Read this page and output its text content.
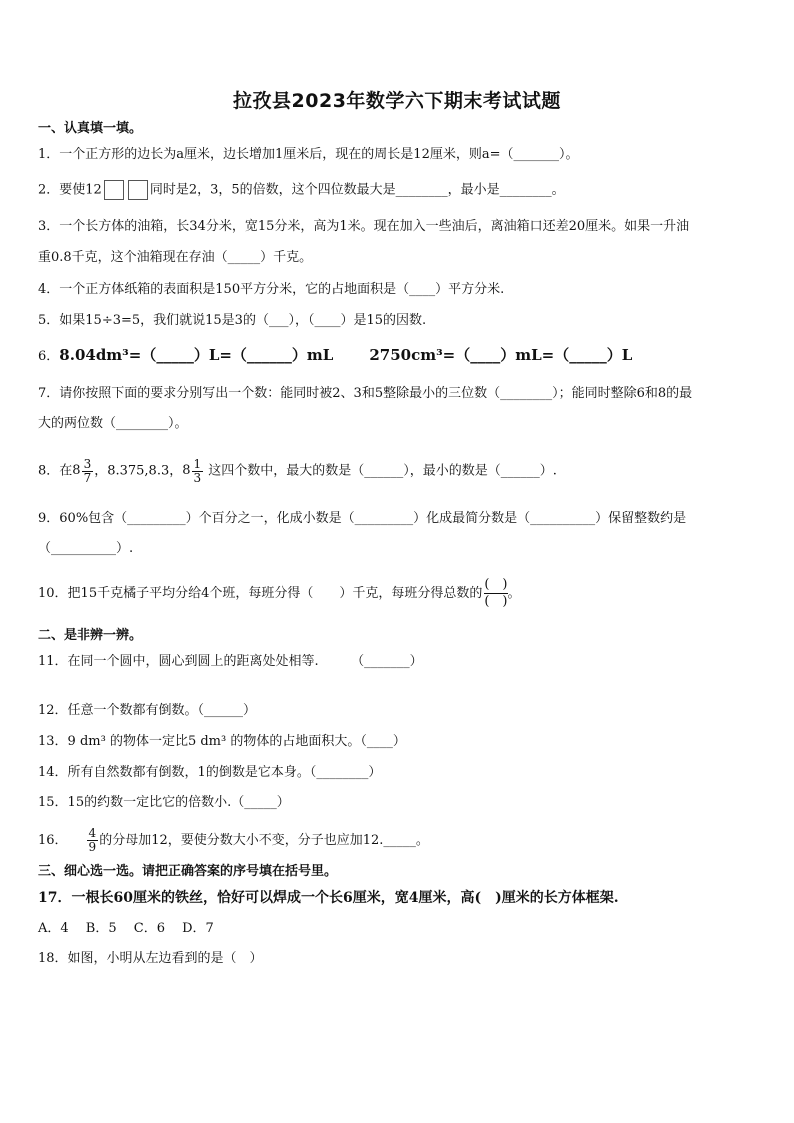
拉孜县2023年数学六下期末考试试题
一、认真填一填。
1．一个正方形的边长为a厘米，边长增加1厘米后，现在的周长是12厘米，则a=（_______）。
2．要使12	同时是2，3，5的倍数，这个四位数最大是________，最小是________。
3．一个长方体的油箱，长34分米，宽15分米，高为1米。现在加入一些油后，离油箱口还差20厘米。如果一升油
重0.8千克，这个油箱现在存油（_____）千克。
4．一个正方体纸箱的表面积是150平方分米，它的占地面积是（____）平方分米.
5．如果15÷3=5，我们就说15是3的（___），（____）是15的因数.
6．8.04dm³=（_____）L=（______）mL 2750cm³=（____）mL=（_____）L
7．请你按照下面的要求分别写出一个数：能同时被2、3和5整除最小的三位数（________）；能同时整除6和8的最
大的两位数（________）。
8．在$8 \frac{3}{7}$ ，8.375,8.3，$8 \frac{1}{3}$ 这四个数中，最大的数是（______），最小的数是（______）.
9．60%包含（_________）个百分之一，化成小数是（_________）化成最简分数是（__________）保留整数约是
（__________）.
10．把15千克橘子平均分给4个班，每班分得（　　）千克，每班分得总数的 $\frac{( )}{( )}$。
二、是非辨一辨。
11．在同一个圆中，圆心到圆上的距离处处相等.　　　（_______）
12．任意一个数都有倒数。（______）
13．9 dm³ 的物体一定比5 dm³ 的物体的占地面积大。（____）
14．所有自然数都有倒数，1的倒数是它本身。（________）
15．15的约数一定比它的倍数小.（_____）
16． $\frac{4}{9}$ 的分母加12，要使分数大小不变，分子也应加12._____。
三、细心选一选。请把正确答案的序号填在括号里。
17．一根长60厘米的铁丝，恰好可以焊成一个长6厘米，宽4厘米，高(　)厘米的长方体框架.
A．4　 B．5　 C．6　 D．7
18．如图，小明从左边看到的是（　）
